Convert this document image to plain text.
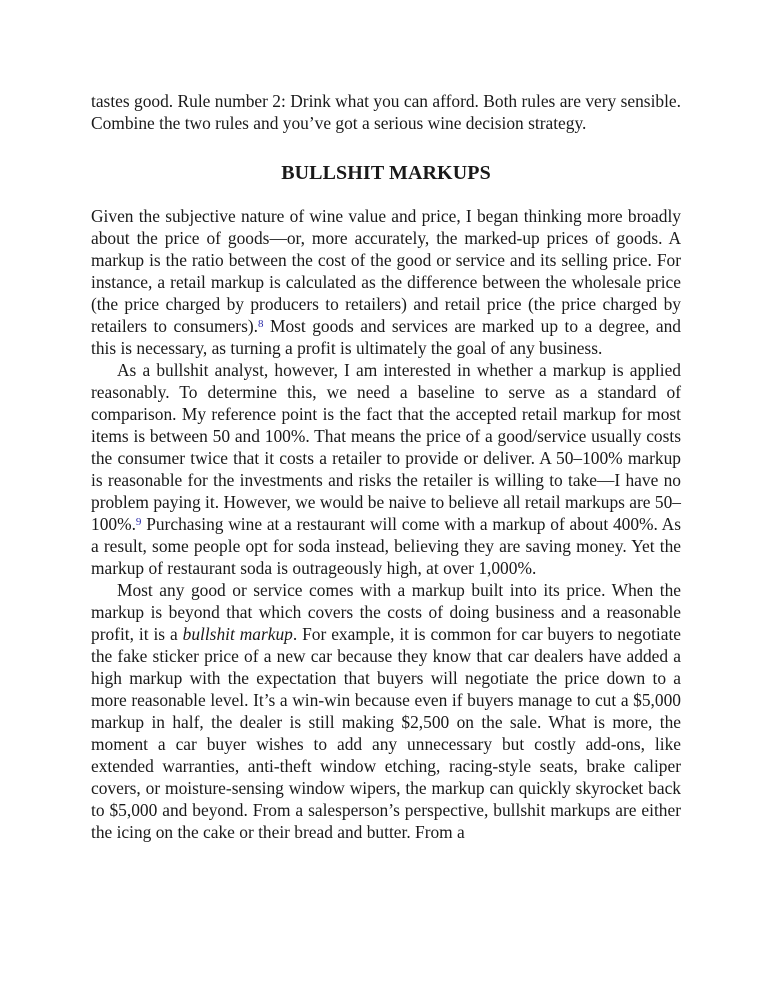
tastes good. Rule number 2: Drink what you can afford. Both rules are very sensible. Combine the two rules and you’ve got a serious wine decision strategy.

BULLSHIT MARKUPS

Given the subjective nature of wine value and price, I began thinking more broadly about the price of goods—or, more accurately, the marked-up prices of goods. A markup is the ratio between the cost of the good or service and its selling price. For instance, a retail markup is calculated as the difference between the wholesale price (the price charged by producers to retailers) and retail price (the price charged by retailers to consumers).$^8$ Most goods and services are marked up to a degree, and this is necessary, as turning a profit is ultimately the goal of any business.

As a bullshit analyst, however, I am interested in whether a markup is applied reasonably. To determine this, we need a baseline to serve as a standard of comparison. My reference point is the fact that the accepted retail markup for most items is between 50 and 100%. That means the price of a good/service usually costs the consumer twice that it costs a retailer to provide or deliver. A 50–100% markup is reasonable for the investments and risks the retailer is willing to take—I have no problem paying it. However, we would be naive to believe all retail markups are 50–100%.$^9$ Purchasing wine at a restaurant will come with a markup of about 400%. As a result, some people opt for soda instead, believing they are saving money. Yet the markup of restaurant soda is outrageously high, at over 1,000%.

Most any good or service comes with a markup built into its price. When the markup is beyond that which covers the costs of doing business and a reasonable profit, it is a bullshit markup. For example, it is common for car buyers to negotiate the fake sticker price of a new car because they know that car dealers have added a high markup with the expectation that buyers will negotiate the price down to a more reasonable level. It’s a win-win because even if buyers manage to cut a $5,000 markup in half, the dealer is still making $2,500 on the sale. What is more, the moment a car buyer wishes to add any unnecessary but costly add-ons, like extended warranties, anti-theft window etching, racing-style seats, brake caliper covers, or moisture-sensing window wipers, the markup can quickly skyrocket back to $5,000 and beyond. From a salesperson’s perspective, bullshit markups are either the icing on the cake or their bread and butter. From a
